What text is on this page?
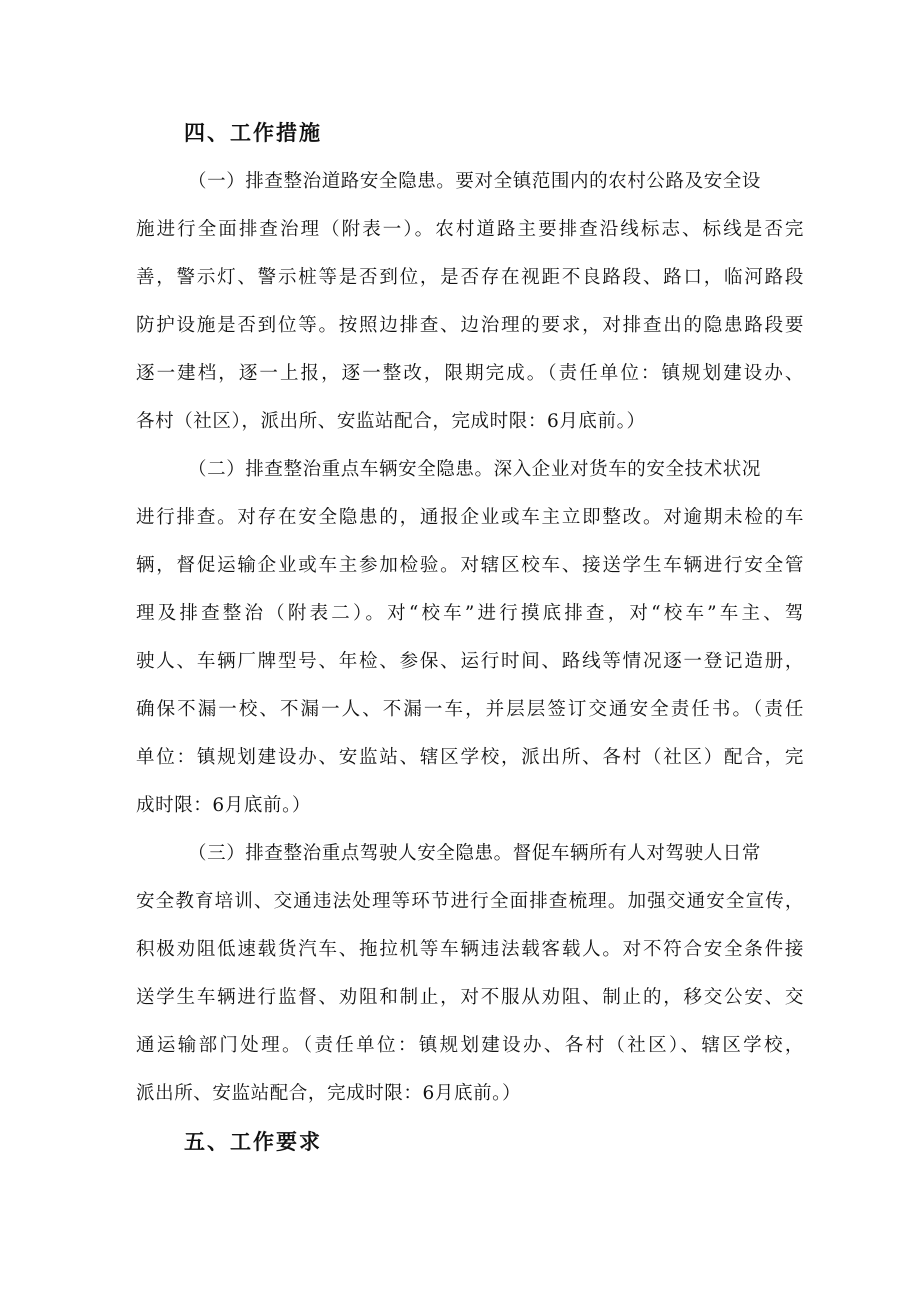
四、工作措施
（一）排查整治道路安全隐患。要对全镇范围内的农村公路及安全设
施进行全面排查治理（附表一）。农村道路主要排查沿线标志、标线是否完
善，警示灯、警示桩等是否到位，是否存在视距不良路段、路口，临河路段
防护设施是否到位等。按照边排查、边治理的要求，对排查出的隐患路段要
逐一建档，逐一上报，逐一整改，限期完成。（责任单位：镇规划建设办、
各村（社区），派出所、安监站配合，完成时限：6月底前。）
（二）排查整治重点车辆安全隐患。深入企业对货车的安全技术状况
进行排查。对存在安全隐患的，通报企业或车主立即整改。对逾期未检的车
辆，督促运输企业或车主参加检验。对辖区校车、接送学生车辆进行安全管
理及排查整治（附表二）。对“校车”进行摸底排查，对“校车”车主、驾
驶人、车辆厂牌型号、年检、参保、运行时间、路线等情况逐一登记造册，
确保不漏一校、不漏一人、不漏一车，并层层签订交通安全责任书。（责任
单位：镇规划建设办、安监站、辖区学校，派出所、各村（社区）配合，完
成时限：6月底前。）
（三）排查整治重点驾驶人安全隐患。督促车辆所有人对驾驶人日常
安全教育培训、交通违法处理等环节进行全面排查梳理。加强交通安全宣传，
积极劝阻低速载货汽车、拖拉机等车辆违法载客载人。对不符合安全条件接
送学生车辆进行监督、劝阻和制止，对不服从劝阻、制止的，移交公安、交
通运输部门处理。（责任单位：镇规划建设办、各村（社区）、辖区学校，
派出所、安监站配合，完成时限：6月底前。）
五、工作要求
